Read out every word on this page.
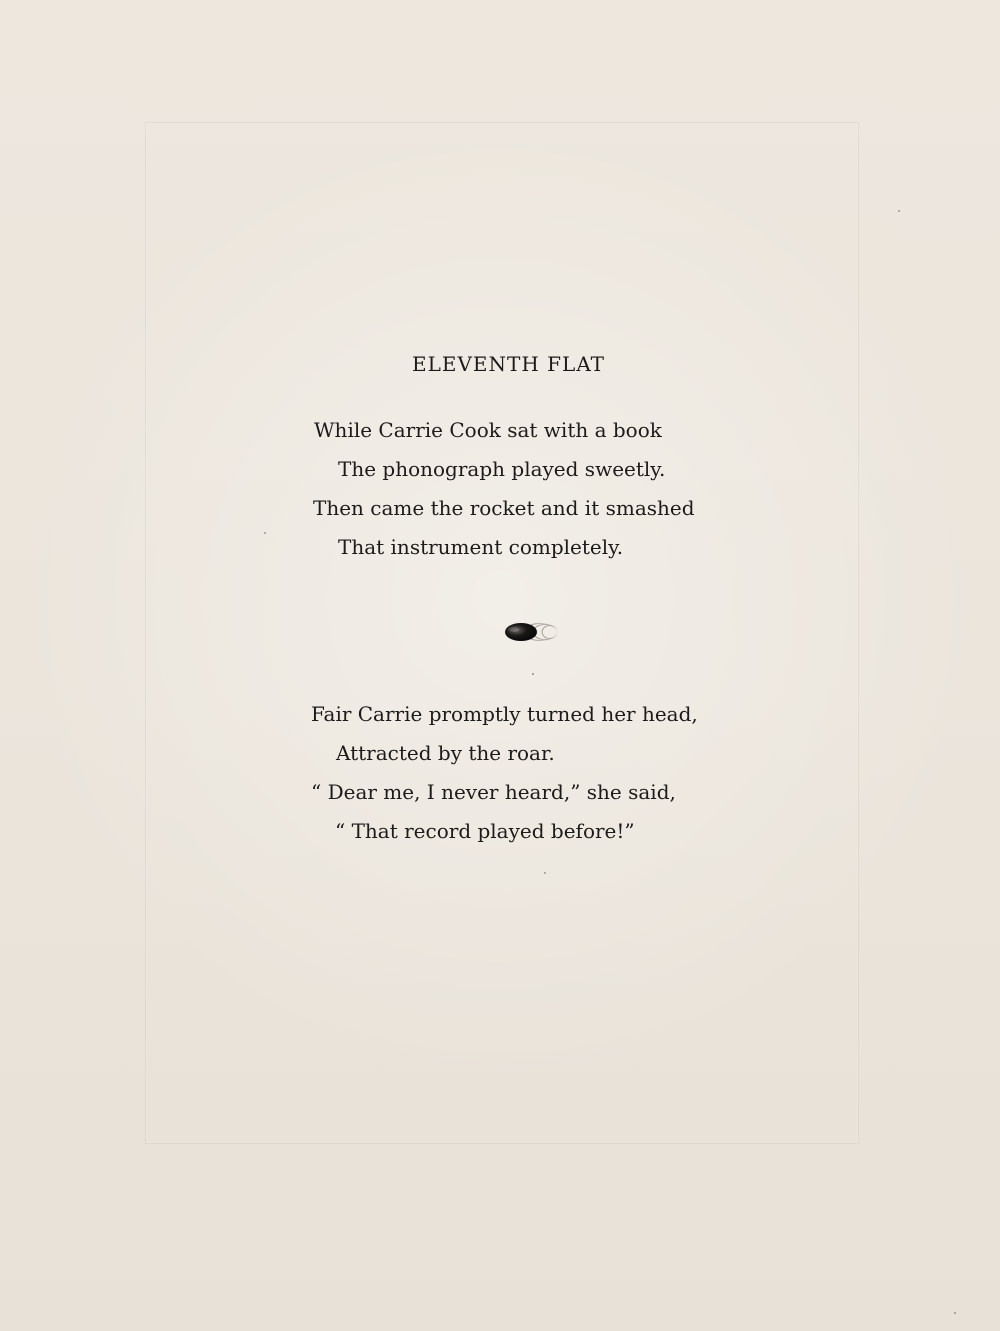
ELEVENTH FLAT
While Carrie Cook sat with a book
The phonograph played sweetly.
Then came the rocket and it smashed
That instrument completely.
Fair Carrie promptly turned her head,
Attracted by the roar.
“ Dear me, I never heard,” she said,
“ That record played before!”
